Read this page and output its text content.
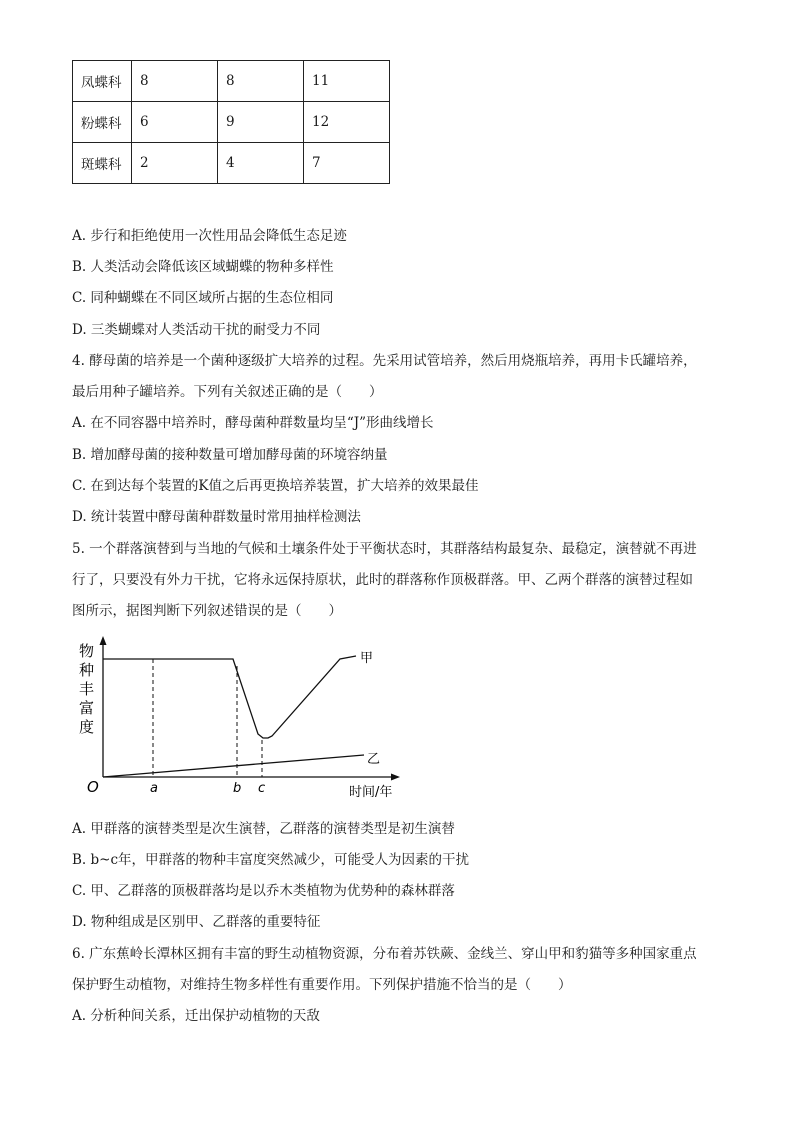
凤蝶科	8	8	11
粉蝶科	6	9	12
斑蝶科	2	4	7
A. 步行和拒绝使用一次性用品会降低生态足迹
B. 人类活动会降低该区域蝴蝶的物种多样性
C. 同种蝴蝶在不同区域所占据的生态位相同
D. 三类蝴蝶对人类活动干扰的耐受力不同
4. 酵母菌的培养是一个菌种逐级扩大培养的过程。先采用试管培养，然后用烧瓶培养，再用卡氏罐培养，
最后用种子罐培养。下列有关叙述正确的是（　　）
A. 在不同容器中培养时，酵母菌种群数量均呈“J”形曲线增长
B. 增加酵母菌的接种数量可增加酵母菌的环境容纳量
C. 在到达每个装置的K值之后再更换培养装置，扩大培养的效果最佳
D. 统计装置中酵母菌种群数量时常用抽样检测法
5. 一个群落演替到与当地的气候和土壤条件处于平衡状态时，其群落结构最复杂、最稳定，演替就不再进
行了，只要没有外力干扰，它将永远保持原状，此时的群落称作顶极群落。甲、乙两个群落的演替过程如
图所示，据图判断下列叙述错误的是（　　）
物
种
丰
富
度
O	a	b c	时间/年
甲
乙
A. 甲群落的演替类型是次生演替，乙群落的演替类型是初生演替
B. b~c年，甲群落的物种丰富度突然减少，可能受人为因素的干扰
C. 甲、乙群落的顶极群落均是以乔木类植物为优势种的森林群落
D. 物种组成是区别甲、乙群落的重要特征
6. 广东蕉岭长潭林区拥有丰富的野生动植物资源，分布着苏铁蕨、金线兰、穿山甲和豹猫等多种国家重点
保护野生动植物，对维持生物多样性有重要作用。下列保护措施不恰当的是（　　）
A. 分析种间关系，迁出保护动植物的天敌
